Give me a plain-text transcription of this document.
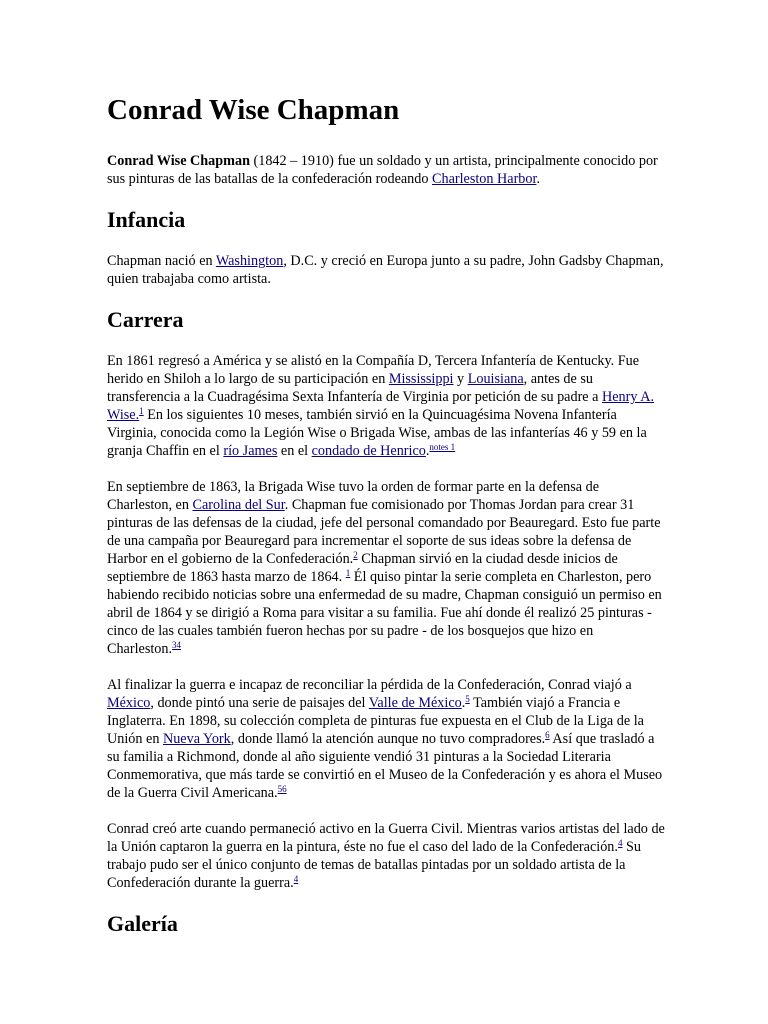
Conrad Wise Chapman

Conrad Wise Chapman (1842 – 1910) fue un soldado y un artista, principalmente conocido por sus pinturas de las batallas de la confederación rodeando Charleston Harbor.

Infancia

Chapman nació en Washington, D.C. y creció en Europa junto a su padre, John Gadsby Chapman, quien trabajaba como artista.

Carrera

En 1861 regresó a América y se alistó en la Compañía D, Tercera Infantería de Kentucky. Fue herido en Shiloh a lo largo de su participación en Mississippi y Louisiana, antes de su transferencia a la Cuadragésima Sexta Infantería de Virginia por petición de su padre a Henry A. Wise.$^1$ En los siguientes 10 meses, también sirvió en la Quincuagésima Novena Infantería Virginia, conocida como la Legión Wise o Brigada Wise, ambas de las infanterías 46 y 59 en la granja Chaffin en el río James en el condado de Henrico.$^{notes 1}$

En septiembre de 1863, la Brigada Wise tuvo la orden de formar parte en la defensa de Charleston, en Carolina del Sur. Chapman fue comisionado por Thomas Jordan para crear 31 pinturas de las defensas de la ciudad, jefe del personal comandado por Beauregard. Esto fue parte de una campaña por Beauregard para incrementar el soporte de sus ideas sobre la defensa de Harbor en el gobierno de la Confederación.$^2$ Chapman sirvió en la ciudad desde inicios de septiembre de 1863 hasta marzo de 1864. $^1$ Él quiso pintar la serie completa en Charleston, pero habiendo recibido noticias sobre una enfermedad de su madre, Chapman consiguió un permiso en abril de 1864 y se dirigió a Roma para visitar a su familia. Fue ahí donde él realizó 25 pinturas - cinco de las cuales también fueron hechas por su padre - de los bosquejos que hizo en Charleston.$^{34}$

Al finalizar la guerra e incapaz de reconciliar la pérdida de la Confederación, Conrad viajó a México, donde pintó una serie de paisajes del Valle de México.$^5$ También viajó a Francia e Inglaterra. En 1898, su colección completa de pinturas fue expuesta en el Club de la Liga de la Unión en Nueva York, donde llamó la atención aunque no tuvo compradores.$^6$ Así que trasladó a su familia a Richmond, donde al año siguiente vendió 31 pinturas a la Sociedad Literaria Conmemorativa, que más tarde se convirtió en el Museo de la Confederación y es ahora el Museo de la Guerra Civil Americana.$^{56}$

Conrad creó arte cuando permaneció activo en la Guerra Civil. Mientras varios artistas del lado de la Unión captaron la guerra en la pintura, éste no fue el caso del lado de la Confederación.$^4$ Su trabajo pudo ser el único conjunto de temas de batallas pintadas por un soldado artista de la Confederación durante la guerra.$^4$

Galería
